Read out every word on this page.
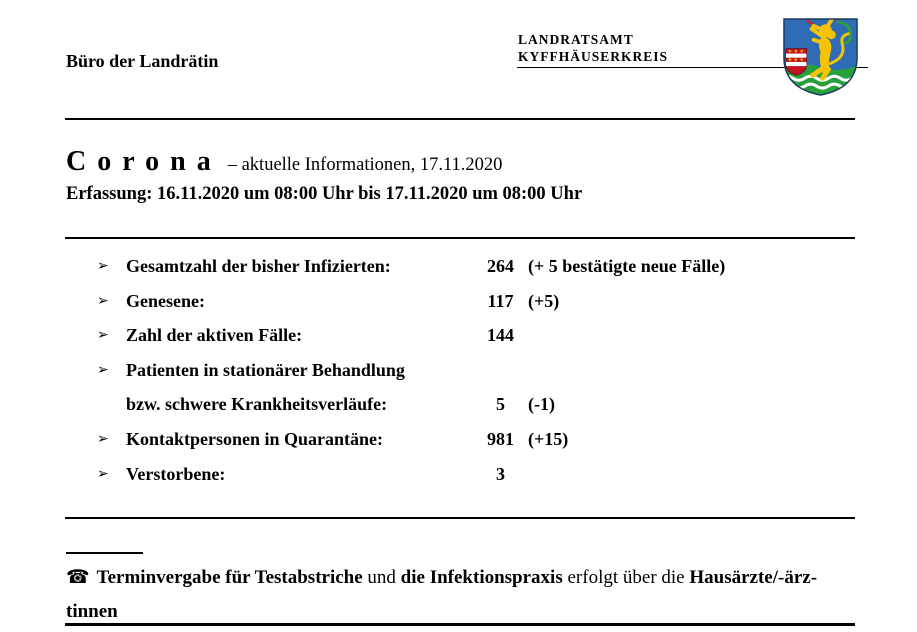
Büro der Landrätin
LANDRATSAMT
KYFFHÄUSERKREIS
C o r o n a – aktuelle Informationen, 17.11.2020
Erfassung: 16.11.2020 um 08:00 Uhr bis 17.11.2020 um 08:00 Uhr
➢ Gesamtzahl der bisher Infizierten:	264 (+ 5 bestätigte neue Fälle)
➢ Genesene:	117 (+5)
➢ Zahl der aktiven Fälle:	144
➢ Patienten in stationärer Behandlung
bzw. schwere Krankheitsverläufe:	5	(-1)
➢ Kontaktpersonen in Quarantäne:	981 (+15)
➢ Verstorbene:	3
☎ Terminvergabe für Testabstriche und die Infektionspraxis erfolgt über die Hausärzte/-ärz-
tinnen
